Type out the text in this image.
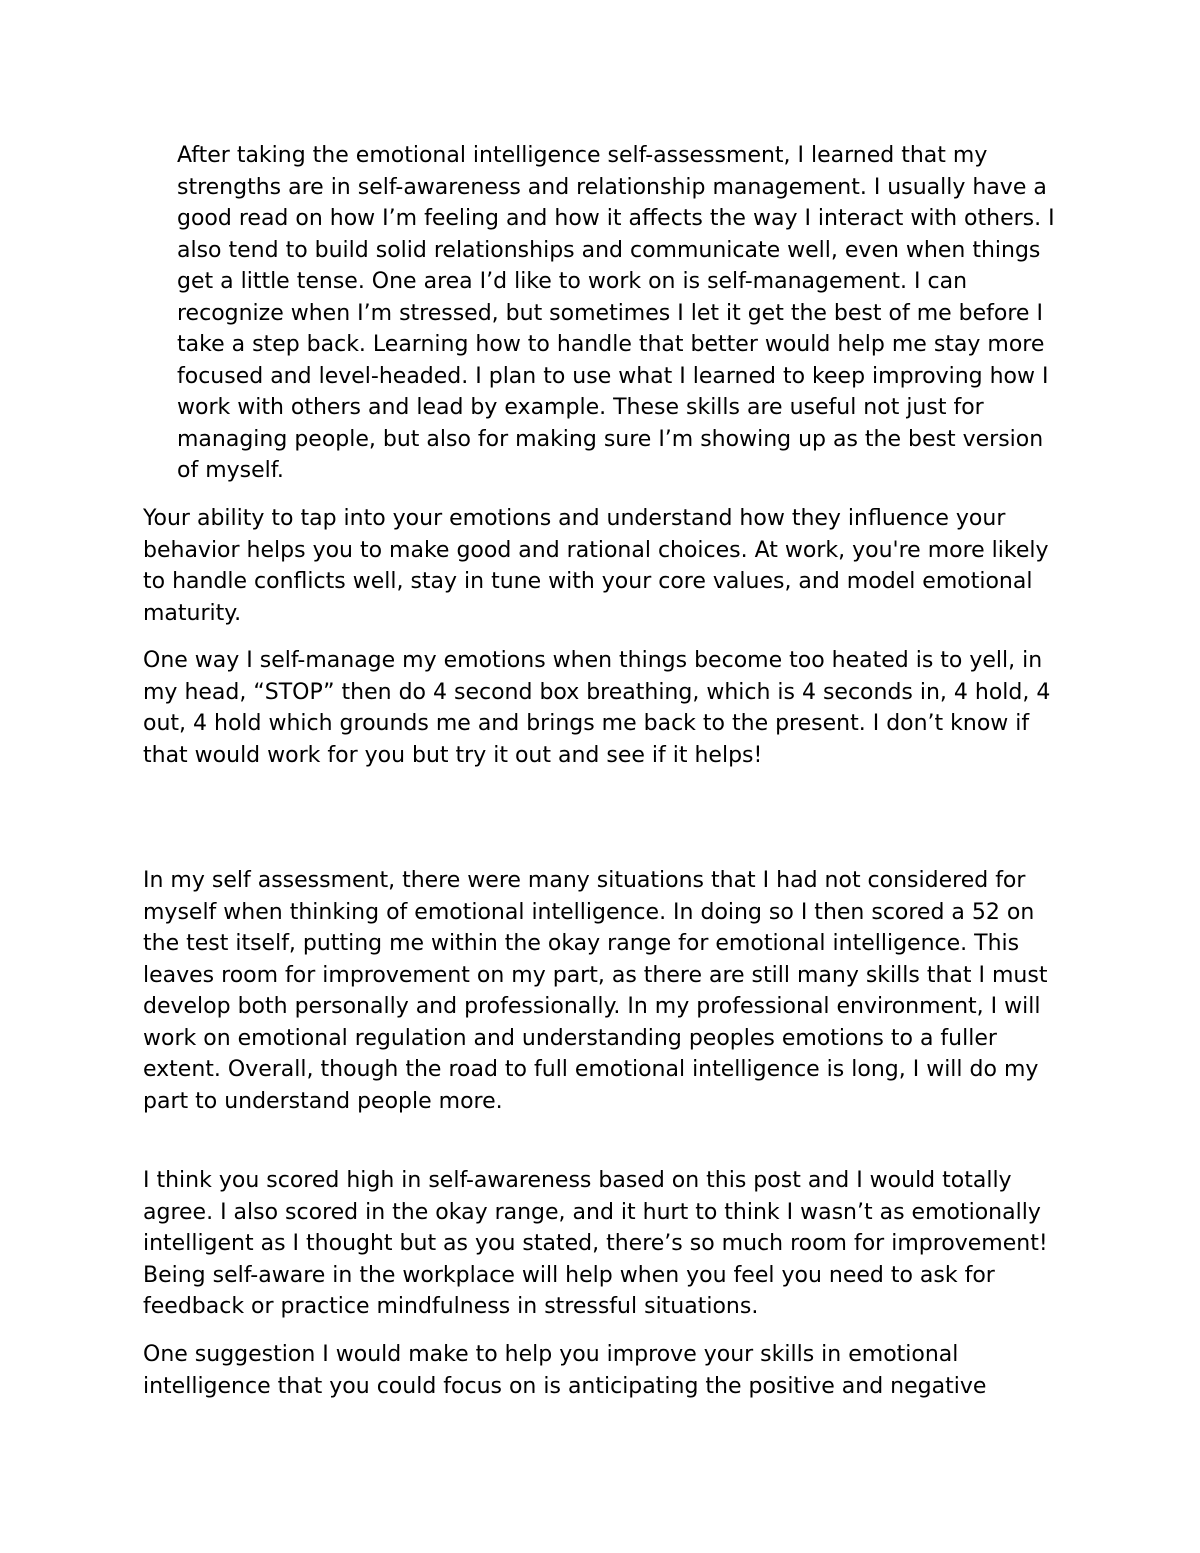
After taking the emotional intelligence self-assessment, I learned that my strengths are in self-awareness and relationship management. I usually have a good read on how I’m feeling and how it affects the way I interact with others. I also tend to build solid relationships and communicate well, even when things get a little tense. One area I’d like to work on is self-management. I can recognize when I’m stressed, but sometimes I let it get the best of me before I take a step back. Learning how to handle that better would help me stay more focused and level-headed. I plan to use what I learned to keep improving how I work with others and lead by example. These skills are useful not just for managing people, but also for making sure I’m showing up as the best version of myself.

Your ability to tap into your emotions and understand how they influence your behavior helps you to make good and rational choices. At work, you're more likely to handle conflicts well, stay in tune with your core values, and model emotional maturity.

One way I self-manage my emotions when things become too heated is to yell, in my head, “STOP” then do 4 second box breathing, which is 4 seconds in, 4 hold, 4 out, 4 hold which grounds me and brings me back to the present. I don’t know if that would work for you but try it out and see if it helps!

In my self assessment, there were many situations that I had not considered for myself when thinking of emotional intelligence. In doing so I then scored a 52 on the test itself, putting me within the okay range for emotional intelligence. This leaves room for improvement on my part, as there are still many skills that I must develop both personally and professionally. In my professional environment, I will work on emotional regulation and understanding peoples emotions to a fuller extent. Overall, though the road to full emotional intelligence is long, I will do my part to understand people more.

I think you scored high in self-awareness based on this post and I would totally agree. I also scored in the okay range, and it hurt to think I wasn’t as emotionally intelligent as I thought but as you stated, there’s so much room for improvement! Being self-aware in the workplace will help when you feel you need to ask for feedback or practice mindfulness in stressful situations.

One suggestion I would make to help you improve your skills in emotional intelligence that you could focus on is anticipating the positive and negative
